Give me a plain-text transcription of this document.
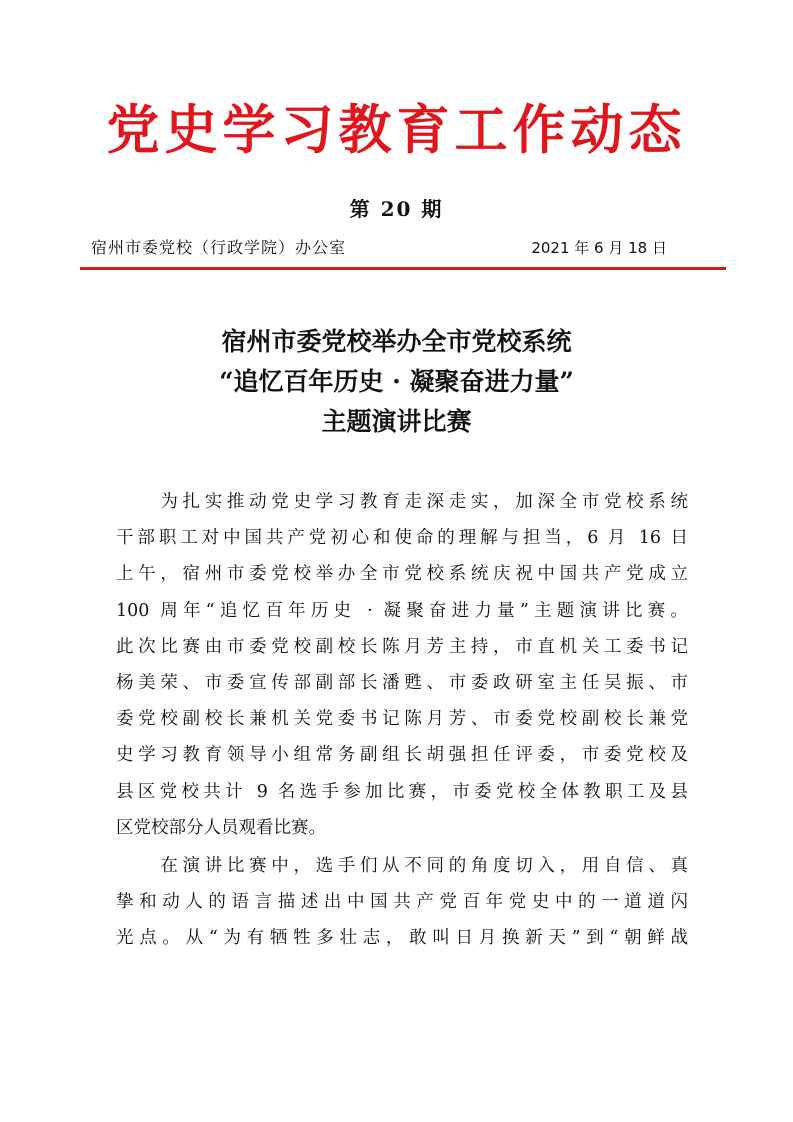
党史学习教育工作动态
第 20 期
宿州市委党校（行政学院）办公室	2021 年 6 月 18 日
宿州市委党校举办全市党校系统
“追忆百年历史 · 凝聚奋进力量”
主题演讲比赛
　　为扎实推动党史学习教育走深走实，加深全市党校系统
干部职工对中国共产党初心和使命的理解与担当，6 月 16 日
上午，宿州市委党校举办全市党校系统庆祝中国共产党成立
100 周年“追忆百年历史 · 凝聚奋进力量”主题演讲比赛。
此次比赛由市委党校副校长陈月芳主持，市直机关工委书记
杨美荣、市委宣传部副部长潘甦、市委政研室主任吴振、市
委党校副校长兼机关党委书记陈月芳、市委党校副校长兼党
史学习教育领导小组常务副组长胡强担任评委，市委党校及
县区党校共计 9 名选手参加比赛，市委党校全体教职工及县
区党校部分人员观看比赛。
　　在演讲比赛中，选手们从不同的角度切入，用自信、真
挚和动人的语言描述出中国共产党百年党史中的一道道闪
光点。从“为有牺牲多壮志，敢叫日月换新天”到“朝鲜战
